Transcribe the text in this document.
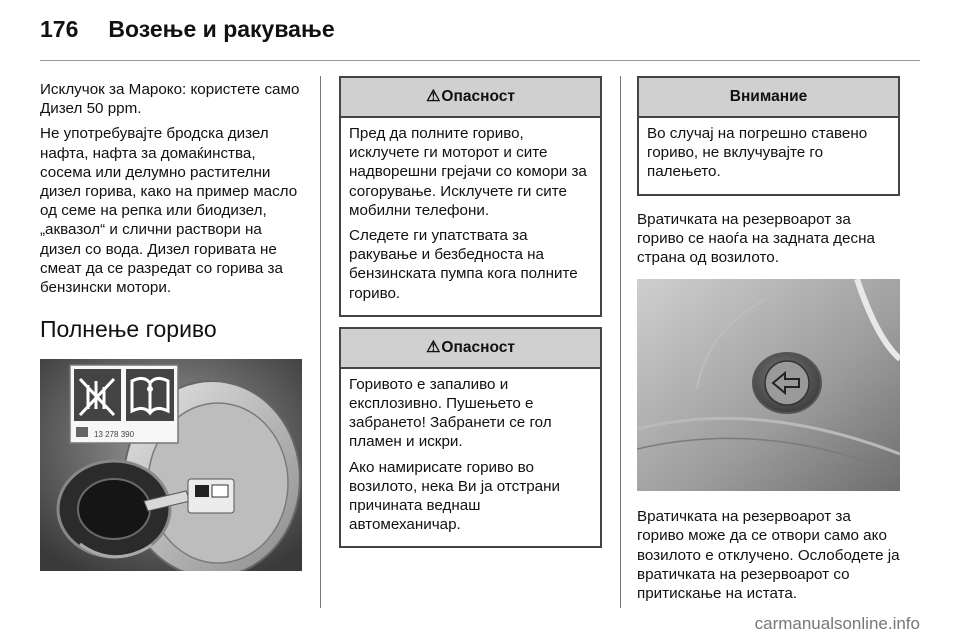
176 Возење и ракување

Исклучок за Мароко: користете само Дизел 50 ppm.

Не употребувајте бродска дизел нафта, нафта за домаќинства, сосема или делумно растителни дизел горива, како на пример масло од семе на репка или биодизел, „аквазол“ и слични раствори на дизел со вода. Дизел горивата не смеат да се разредат со горива за бензински мотори.

Полнење гориво
13 278 390
⚠ Опасност

Пред да полните гориво, исклучете ги моторот и сите надворешни грејачи со комори за согорување. Исклучете ги сите мобилни телефони.

Следете ги упатствата за ракување и безбедноста на бензинската пумпа кога полните гориво.

⚠ Опасност

Горивото е запаливо и експлозивно. Пушењето е забрането! Забранети се гол пламен и искри.

Ако намирисате гориво во возилото, нека Ви ја отстрани причината веднаш автомеханичар.

Внимание

Во случај на погрешно ставено гориво, не вклучувајте го палењето.

Вратичката на резервоарот за гориво се наоѓа на задната десна страна од возилото.

Вратичката на резервоарот за гориво може да се отвори само ако возилото е отклучено. Ослободете ја вратичката на резервоарот со притискање на истата.

carmanualsonline.info
